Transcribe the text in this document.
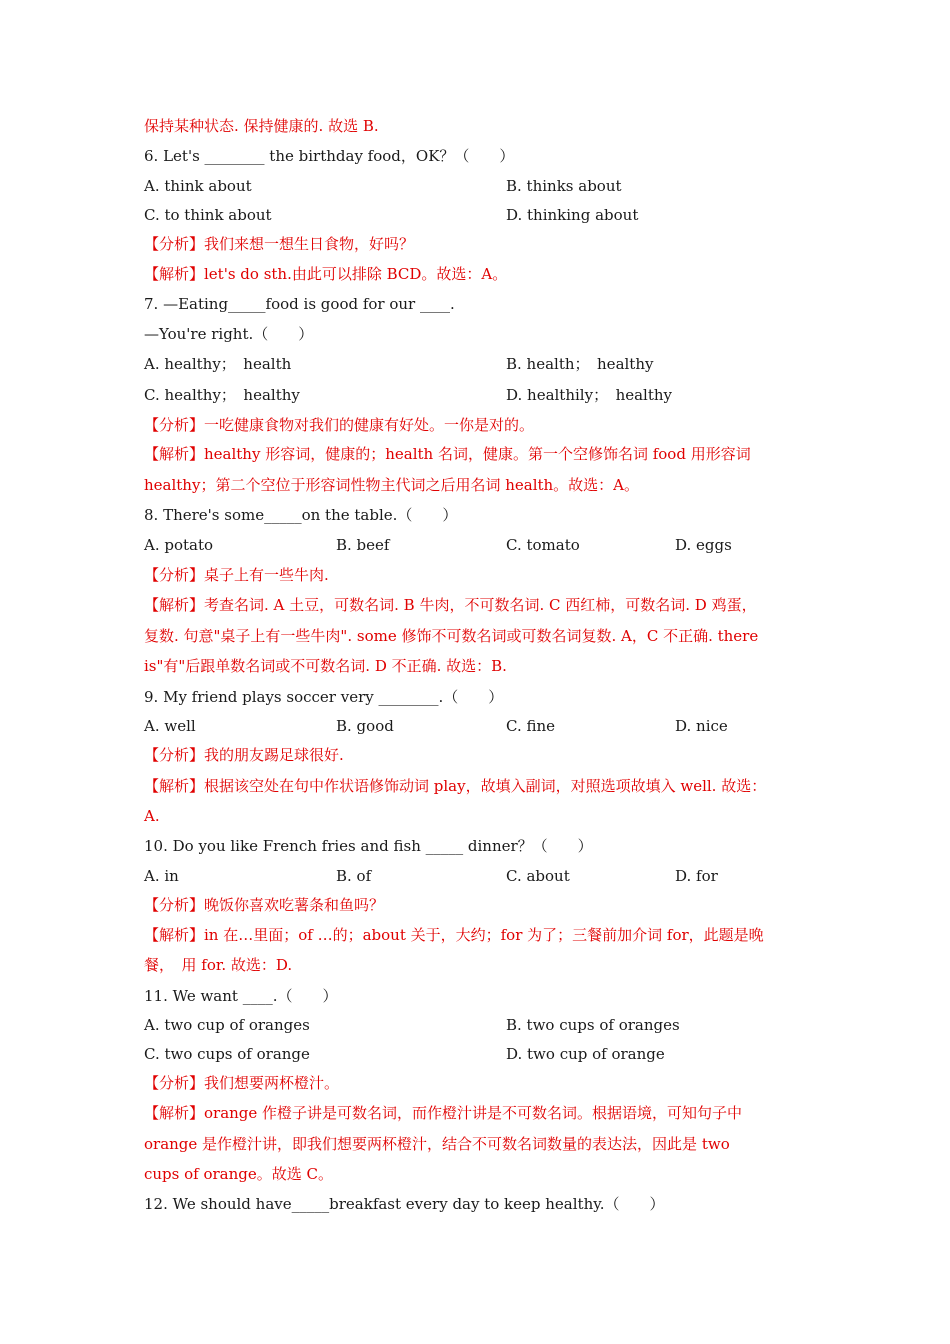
保持某种状态. 保持健康的. 故选 B.
6. Let's ________ the birthday food，OK？（　　）
A. think about	B. thinks about
C. to think about	D. thinking about
【分析】我们来想一想生日食物，好吗？
【解析】let's do sth.由此可以排除 BCD。故选：A。
7. —Eating_____food is good for our ____.
—You're right.（　　）
A. healthy；　health	B. health；　healthy
C. healthy；　healthy	D. healthily；　healthy
【分析】一吃健康食物对我们的健康有好处。一你是对的。
【解析】healthy 形容词，健康的；health 名词，健康。第一个空修饰名词 food 用形容词
healthy；第二个空位于形容词性物主代词之后用名词 health。故选：A。
8. There's some_____on the table.（　　）
A. potato	B. beef	C. tomato	D. eggs
【分析】桌子上有一些牛肉.
【解析】考查名词. A 土豆，可数名词. B 牛肉，不可数名词. C 西红柿，可数名词. D 鸡蛋，
复数. 句意"桌子上有一些牛肉". some 修饰不可数名词或可数名词复数. A，C 不正确. there
is"有"后跟单数名词或不可数名词. D 不正确. 故选：B.
9. My friend plays soccer very ________.（　　）
A. well	B. good	C. fine	D. nice
【分析】我的朋友踢足球很好.
【解析】根据该空处在句中作状语修饰动词 play，故填入副词，对照选项故填入 well. 故选：
A.
10. Do you like French fries and fish _____ dinner？（　　）
A. in	B. of	C. about	D. for
【分析】晚饭你喜欢吃薯条和鱼吗？
【解析】in 在…里面；of …的；about 关于，大约；for 为了；三餐前加介词 for，此题是晚
餐，　用 for. 故选：D.
11. We want ____.（　　）
A. two cup of oranges	B. two cups of oranges
C. two cups of orange	D. two cup of orange
【分析】我们想要两杯橙汁。
【解析】orange 作橙子讲是可数名词，而作橙汁讲是不可数名词。根据语境，可知句子中
orange 是作橙汁讲，即我们想要两杯橙汁，结合不可数名词数量的表达法，因此是 two
cups of orange。故选 C。
12. We should have_____breakfast every day to keep healthy.（　　）
